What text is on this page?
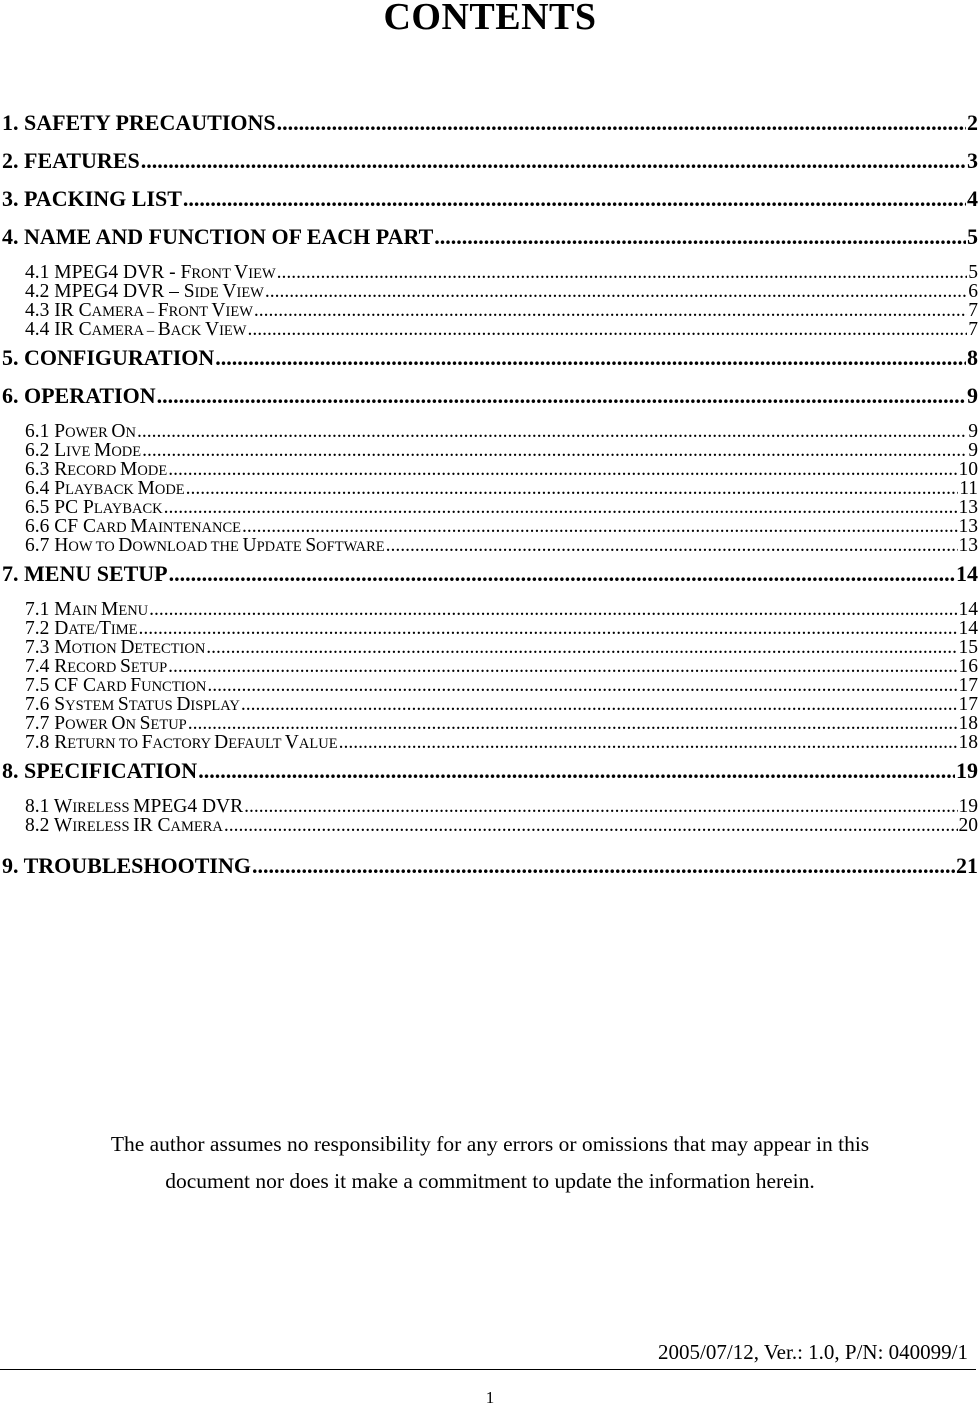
CONTENTS
1. SAFETY PRECAUTIONS .....	2
2. FEATURES .....	3
3. PACKING LIST .....	4
4. NAME AND FUNCTION OF EACH PART .....	5
4.1 MPEG4 DVR - FRONT VIEW .....	5
4.2 MPEG4 DVR – SIDE VIEW .....	6
4.3 IR CAMERA – FRONT VIEW .....	7
4.4 IR CAMERA – BACK VIEW .....	7
5. CONFIGURATION .....	8
6. OPERATION .....	9
6.1 POWER ON .....	9
6.2 LIVE MODE .....	9
6.3 RECORD MODE .....	10
6.4 PLAYBACK MODE .....	11
6.5 PC PLAYBACK .....	13
6.6 CF CARD MAINTENANCE .....	13
6.7 HOW TO DOWNLOAD THE UPDATE SOFTWARE .....	13
7. MENU SETUP .....	14
7.1 MAIN MENU .....	14
7.2 DATE/TIME .....	14
7.3 MOTION DETECTION .....	15
7.4 RECORD SETUP .....	16
7.5 CF CARD FUNCTION .....	17
7.6 SYSTEM STATUS DISPLAY .....	17
7.7 POWER ON SETUP .....	18
7.8 RETURN TO FACTORY DEFAULT VALUE .....	18
8. SPECIFICATION .....	19
8.1 WIRELESS MPEG4 DVR .....	19
8.2 WIRELESS IR CAMERA .....	20
9. TROUBLESHOOTING .....	21
The author assumes no responsibility for any errors or omissions that may appear in this
document nor does it make a commitment to update the information herein.
2005/07/12, Ver.: 1.0, P/N: 040099/1
1
